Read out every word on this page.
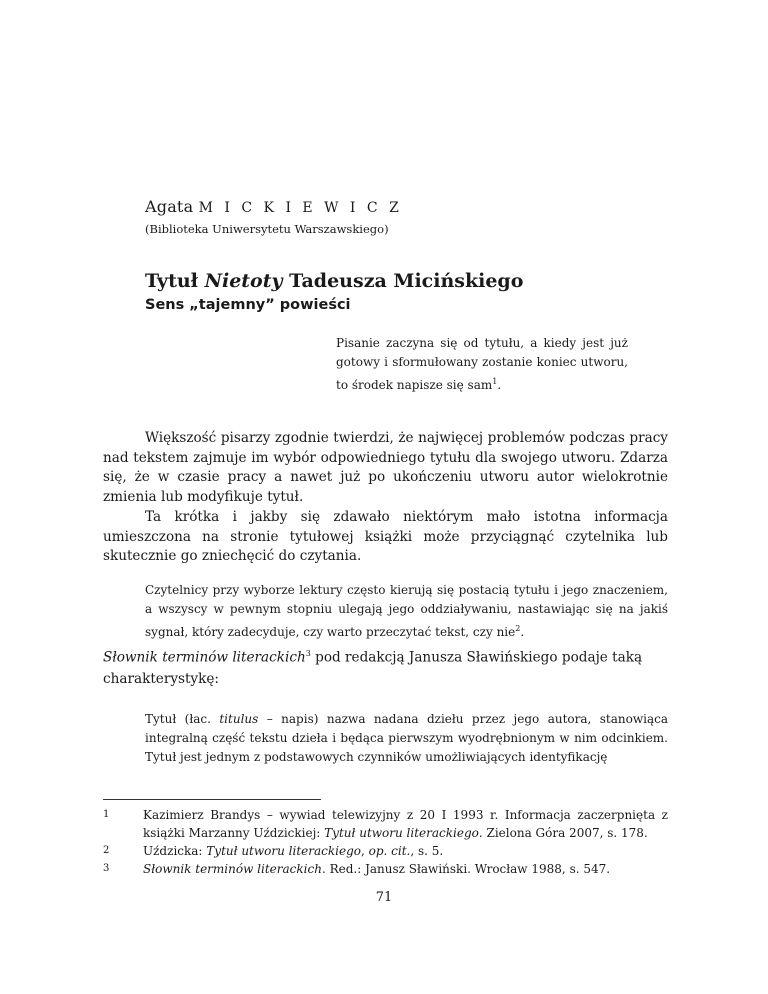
Agata M I C K I E W I C Z
(Biblioteka Uniwersytetu Warszawskiego)
Tytuł Nietoty Tadeusza Micińskiego
Sens „tajemny” powieści
Pisanie zaczyna się od tytułu, a kiedy jest już gotowy i sformułowany zostanie koniec utworu, to środek napisze się sam$^1$.

Większość pisarzy zgodnie twierdzi, że najwięcej problemów podczas pracy nad tekstem zajmuje im wybór odpowiedniego tytułu dla swojego utworu. Zdarza się, że w czasie pracy a nawet już po ukończeniu utworu autor wielokrotnie zmienia lub modyfikuje tytuł.

Ta krótka i jakby się zdawało niektórym mało istotna informacja umieszczona na stronie tytułowej książki może przyciągnąć czytelnika lub skutecznie go zniechęcić do czytania.

Czytelnicy przy wyborze lektury często kierują się postacią tytułu i jego znaczeniem, a wszyscy w pewnym stopniu ulegają jego oddziaływaniu, nastawiając się na jakiś sygnał, który zadecyduje, czy warto przeczytać tekst, czy nie$^2$.
Słownik terminów literackich$^3$ pod redakcją Janusza Sławińskiego podaje taką charakterystykę:
Tytuł (łac. titulus – napis) nazwa nadana dziełu przez jego autora, stanowiąca integralną część tekstu dzieła i będąca pierwszym wyodrębnionym w nim odcinkiem. Tytuł jest jednym z podstawowych czynników umożliwiających identyfikację
1	Kazimierz Brandys – wywiad telewizyjny z 20 I 1993 r. Informacja zaczerpnięta z książki Marzanny Uździckiej: Tytuł utworu literackiego. Zielona Góra 2007, s. 178.
2	Uździcka: Tytuł utworu literackiego, op. cit., s. 5.
3	Słownik terminów literackich. Red.: Janusz Sławiński. Wrocław 1988, s. 547.
71
